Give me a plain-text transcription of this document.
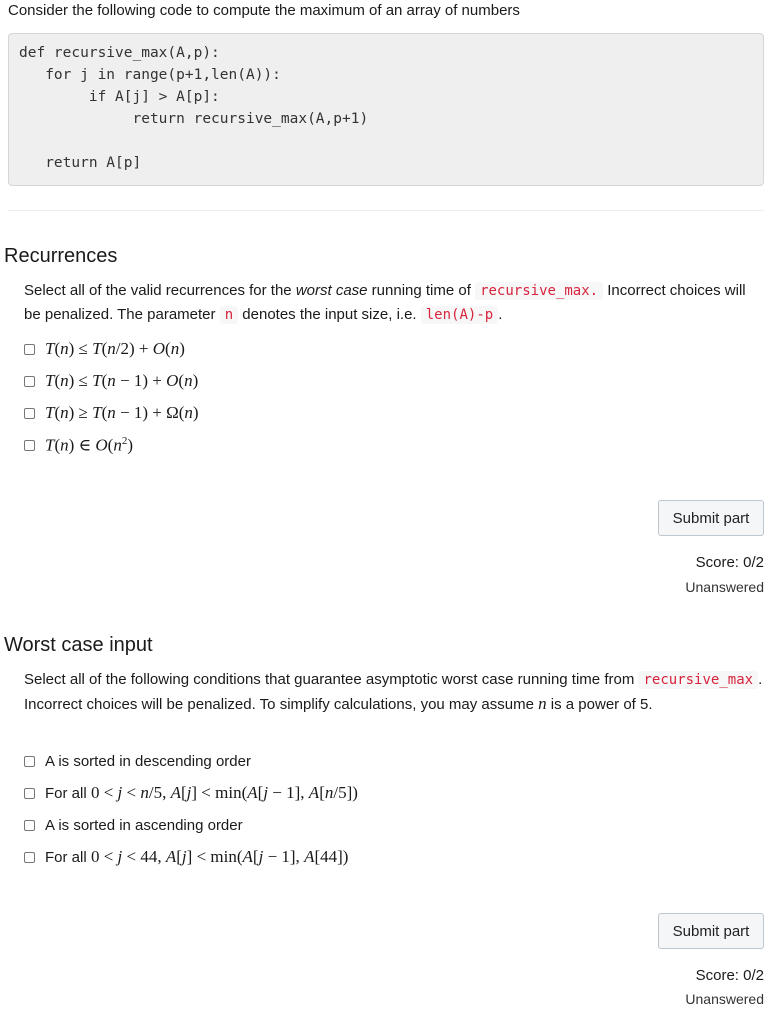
Consider the following code to compute the maximum of an array of numbers
def recursive_max(A,p):
for j in range(p+1,len(A)):
if A[j] > A[p]:
return recursive_max(A,p+1)
return A[p]
Recurrences
Select all of the valid recurrences for the worst case running time of recursive_max. Incorrect choices will be penalized. The parameter n denotes the input size, i.e. len(A)-p .
T(n) ≤ T(n/2) + O(n)
T(n) ≤ T(n − 1) + O(n)
T(n) ≥ T(n − 1) + Ω(n)
T(n) ∈ $O(n^2)$
Submit part
Score: 0/2
Unanswered
Worst case input
Select all of the following conditions that guarantee asymptotic worst case running time from recursive_max . Incorrect choices will be penalized. To simplify calculations, you may assume n is a power of 5.
A is sorted in descending order
For all 0 < j < n/5, A[j] < min(A[j − 1], A[n/5])
A is sorted in ascending order
For all 0 < j < 44, A[j] < min(A[j − 1], A[44])
Submit part
Score: 0/2
Unanswered
